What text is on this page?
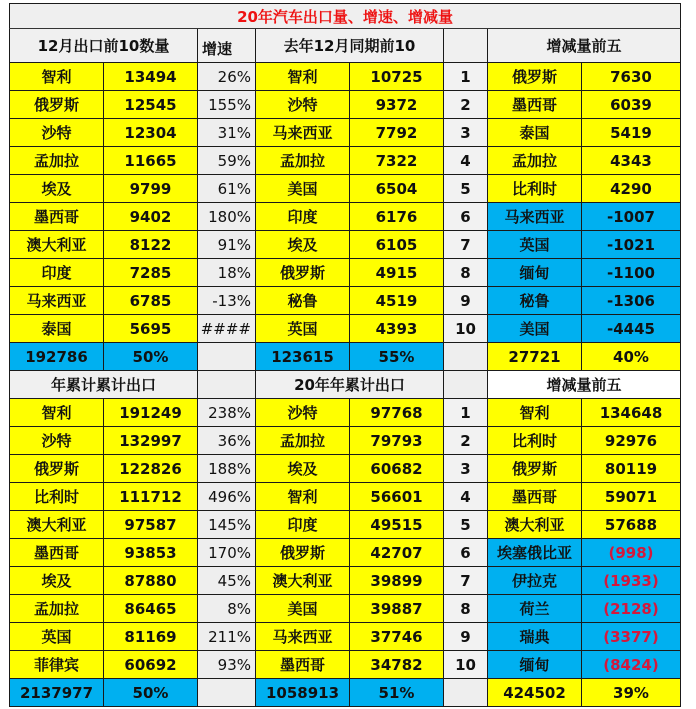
20年汽车出口量、增速、增减量							
12月出口前10数量		增速	去年12月同期前10			增减量前五	
智利	13494	26%	智利	10725	1	俄罗斯	7630
俄罗斯	12545	155%	沙特	9372	2	墨西哥	6039
沙特	12304	31%	马来西亚	7792	3	泰国	5419
孟加拉	11665	59%	孟加拉	7322	4	孟加拉	4343
埃及	9799	61%	美国	6504	5	比利时	4290
墨西哥	9402	180%	印度	6176	6	马来西亚	-1007
澳大利亚	8122	91%	埃及	6105	7	英国	-1021
印度	7285	18%	俄罗斯	4915	8	缅甸	-1100
马来西亚	6785	-13%	秘鲁	4519	9	秘鲁	-1306
泰国	5695	####	英国	4393	10	美国	-4445
192786	50%		123615	55%		27721	40%
年累计累计出口			20年年累计出口			增减量前五	
智利	191249	238%	沙特	97768	1	智利	134648
沙特	132997	36%	孟加拉	79793	2	比利时	92976
俄罗斯	122826	188%	埃及	60682	3	俄罗斯	80119
比利时	111712	496%	智利	56601	4	墨西哥	59071
澳大利亚	97587	145%	印度	49515	5	澳大利亚	57688
墨西哥	93853	170%	俄罗斯	42707	6	埃塞俄比亚	(998)
埃及	87880	45%	澳大利亚	39899	7	伊拉克	(1933)
孟加拉	86465	8%	美国	39887	8	荷兰	(2128)
英国	81169	211%	马来西亚	37746	9	瑞典	(3377)
菲律宾	60692	93%	墨西哥	34782	10	缅甸	(8424)
2137977	50%		1058913	51%		424502	39%
